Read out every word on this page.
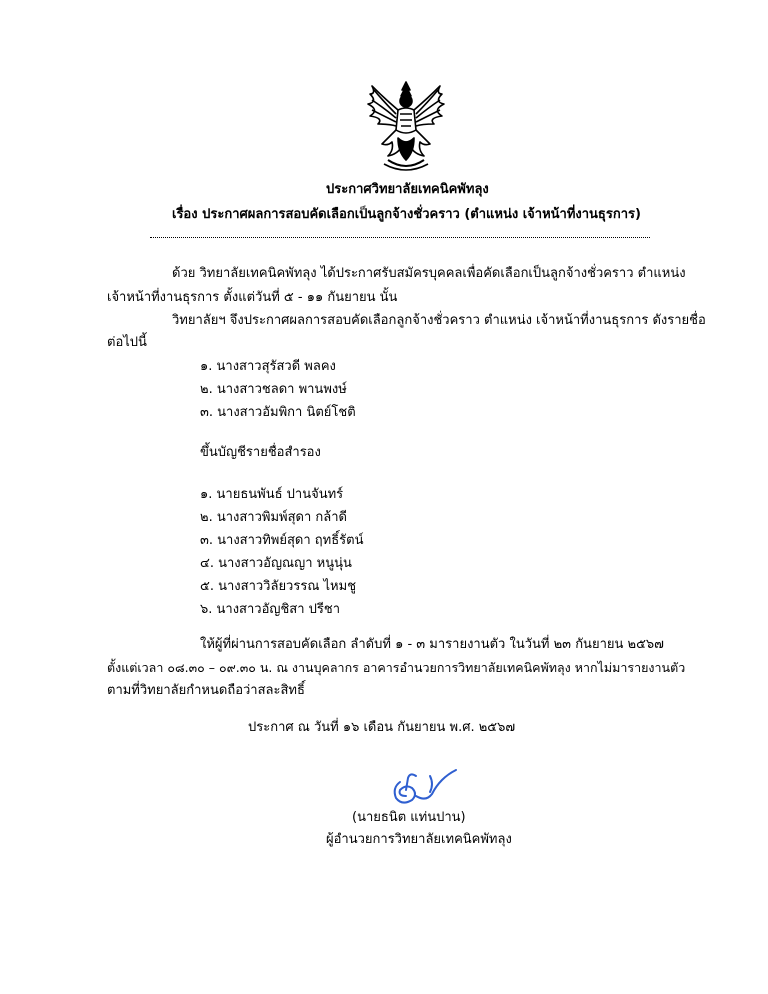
ประกาศวิทยาลัยเทคนิคพัทลุง
เรื่อง ประกาศผลการสอบคัดเลือกเป็นลูกจ้างชั่วคราว (ตำแหน่ง เจ้าหน้าที่งานธุรการ)
ด้วย วิทยาลัยเทคนิคพัทลุง ได้ประกาศรับสมัครบุคคลเพื่อคัดเลือกเป็นลูกจ้างชั่วคราว ตำแหน่ง
เจ้าหน้าที่งานธุรการ ตั้งแต่วันที่ ๕ - ๑๑ กันยายน นั้น
วิทยาลัยฯ จึงประกาศผลการสอบคัดเลือกลูกจ้างชั่วคราว ตำแหน่ง เจ้าหน้าที่งานธุรการ ดังรายชื่อ
ต่อไปนี้
๑. นางสาวสุรัสวดี พลคง
๒. นางสาวชลดา พานพงษ์
๓. นางสาวอัมพิกา นิตย์โชติ
ขึ้นบัญชีรายชื่อสำรอง
๑. นายธนพันธ์ ปานจันทร์
๒. นางสาวพิมพ์สุดา กล้าดี
๓. นางสาวทิพย์สุดา ฤทธิ์รัตน์
๔. นางสาวอัญณญา หนูนุ่น
๕. นางสาววิลัยวรรณ ไหมชู
๖. นางสาวอัญชิสา ปรีชา
ให้ผู้ที่ผ่านการสอบคัดเลือก ลำดับที่ ๑ - ๓ มารายงานตัว ในวันที่ ๒๓ กันยายน ๒๕๖๗
ตั้งแต่เวลา ๐๘.๓๐ – ๐๙.๓๐ น. ณ งานบุคลากร อาคารอำนวยการวิทยาลัยเทคนิคพัทลุง หากไม่มารายงานตัว
ตามที่วิทยาลัยกำหนดถือว่าสละสิทธิ์
ประกาศ ณ วันที่ ๑๖ เดือน กันยายน พ.ศ. ๒๕๖๗
(นายธนิต แท่นปาน)
ผู้อำนวยการวิทยาลัยเทคนิคพัทลุง
